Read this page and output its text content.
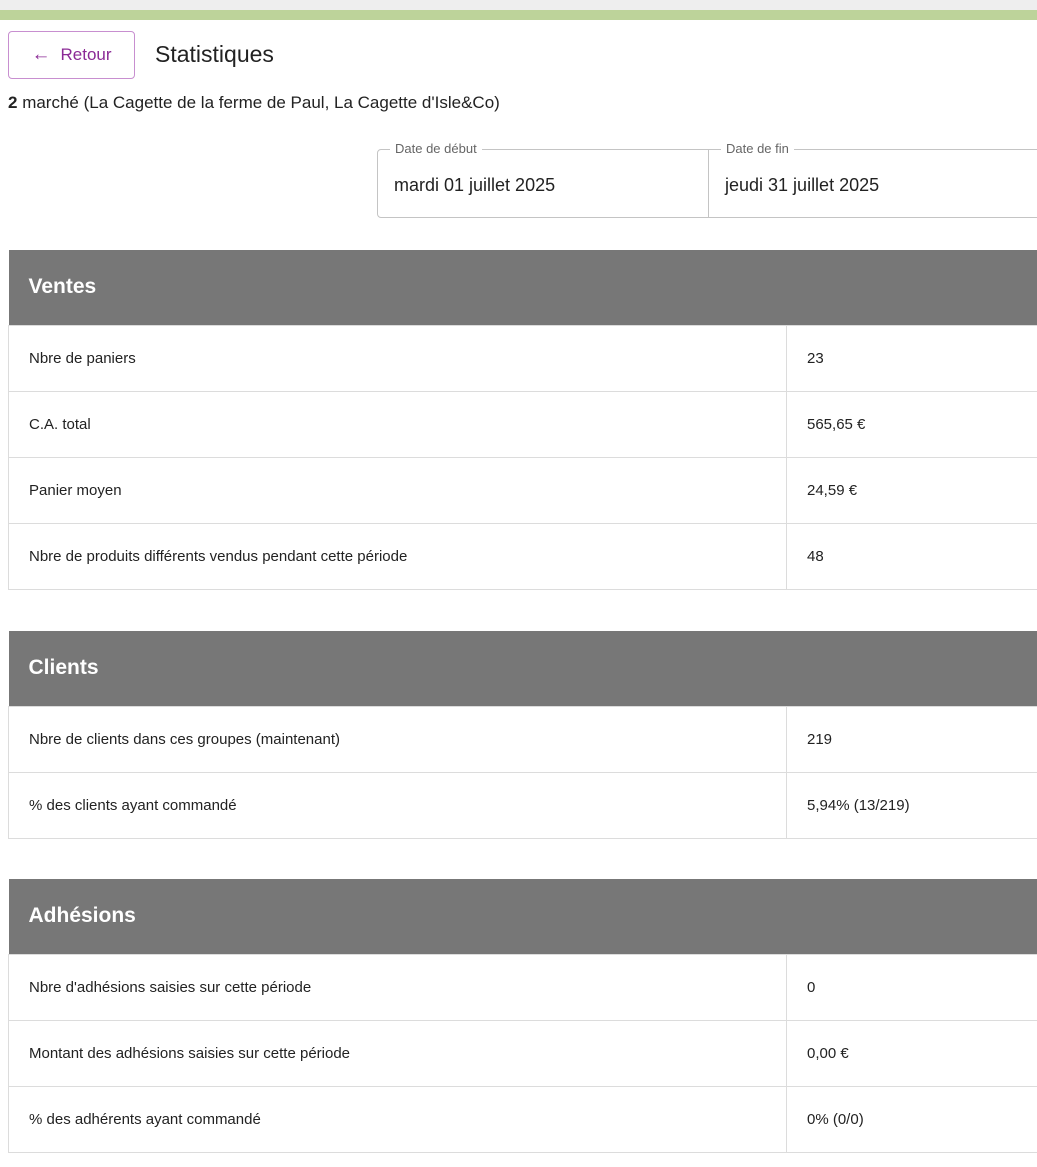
← Retour Statistiques
2 marché (La Cagette de la ferme de Paul, La Cagette d'Isle&Co)
Date de début
mardi 01 juillet 2025
Date de fin
jeudi 31 juillet 2025
Ventes	
Nbre de paniers	23
C.A. total	565,65 €
Panier moyen	24,59 €
Nbre de produits différents vendus pendant cette période	48
Clients	
Nbre de clients dans ces groupes (maintenant)	219
% des clients ayant commandé	5,94% (13/219)
Adhésions	
Nbre d'adhésions saisies sur cette période	0
Montant des adhésions saisies sur cette période	0,00 €
% des adhérents ayant commandé	0% (0/0)
